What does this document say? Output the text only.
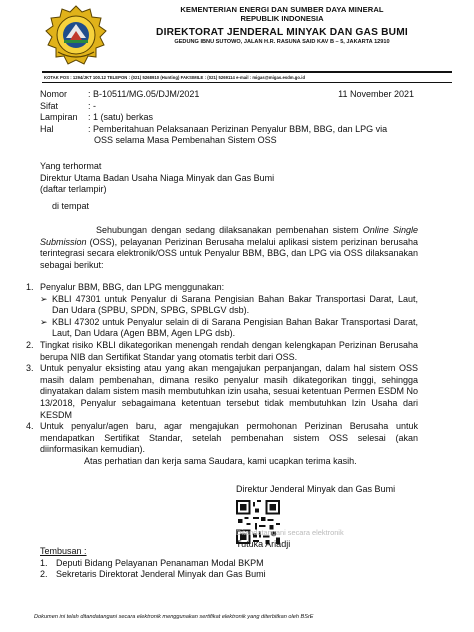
KEMENTERIAN ENERGI DAN SUMBER DAYA MINERAL
REPUBLIK INDONESIA
DIREKTORAT JENDERAL MINYAK DAN GAS BUMI
GEDUNG IBNU SUTOWO, JALAN H.R. RASUNA SAID KAV B – 5, JAKARTA 12910
KOTAK POS : 1294/JKT 100.12 TELEPON : (021) 5268910 (Hunting) FAKSIMILE : (021) 5269114 e-mail : migas@migas.esdm.go.id
Nomor	: B-10511/MG.05/DJM/2021
Sifat	: -
Lampiran	: 1 (satu) berkas
Hal	: Pemberitahuan Pelaksanaan Perizinan Penyalur BBM, BBG, dan LPG via
OSS selama Masa Pembenahan Sistem OSS
11 November 2021
Yang terhormat
Direktur Utama Badan Usaha Niaga Minyak dan Gas Bumi
(daftar terlampir)
di tempat
Sehubungan dengan sedang dilaksanakan pembenahan sistem Online Single Submission (OSS), pelayanan Perizinan Berusaha melalui aplikasi sistem perizinan berusaha terintegrasi secara elektronik/OSS untuk Penyalur BBM, BBG, dan LPG via OSS dilaksanakan sebagai berikut:
1. Penyalur BBM, BBG, dan LPG menggunakan:
➢ KBLI 47301 untuk Penyalur di Sarana Pengisian Bahan Bakar Transportasi Darat, Laut, Dan Udara (SPBU, SPDN, SPBG, SPBLGV dsb).
➢ KBLI 47302 untuk Penyalur selain di di Sarana Pengisian Bahan Bakar Transportasi Darat, Laut, Dan Udara (Agen BBM, Agen LPG dsb).
2. Tingkat risiko KBLI dikategorikan menengah rendah dengan kelengkapan Perizinan Berusaha berupa NIB dan Sertifikat Standar yang otomatis terbit dari OSS.
3. Untuk penyalur eksisting atau yang akan mengajukan perpanjangan, dalam hal sistem OSS masih dalam pembenahan, dimana resiko penyalur masih dikategorikan tinggi, sehingga dinyatakan dalam sistem masih membutuhkan izin usaha, sesuai ketentuan Permen ESDM No 13/2018, Penyalur sebagaimana ketentuan tersebut tidak membutuhkan Izin Usaha dari KESDM
4. Untuk penyalur/agen baru, agar mengajukan permohonan Perizinan Berusaha untuk mendapatkan Sertifikat Standar, setelah pembenahan sistem OSS selesai (akan diinformasikan kemudian).
Atas perhatian dan kerja sama Saudara, kami ucapkan terima kasih.
Direktur Jenderal Minyak dan Gas Bumi
Ditandatangani secara elektronik
Tutuka Ariadji
Tembusan :
1. Deputi Bidang Pelayanan Penanaman Modal BKPM
2. Sekretaris Direktorat Jenderal Minyak dan Gas Bumi
Dokumen ini telah ditandatangani secara elektronik menggunakan sertifikat elektronik yang diterbitkan oleh BSrE
